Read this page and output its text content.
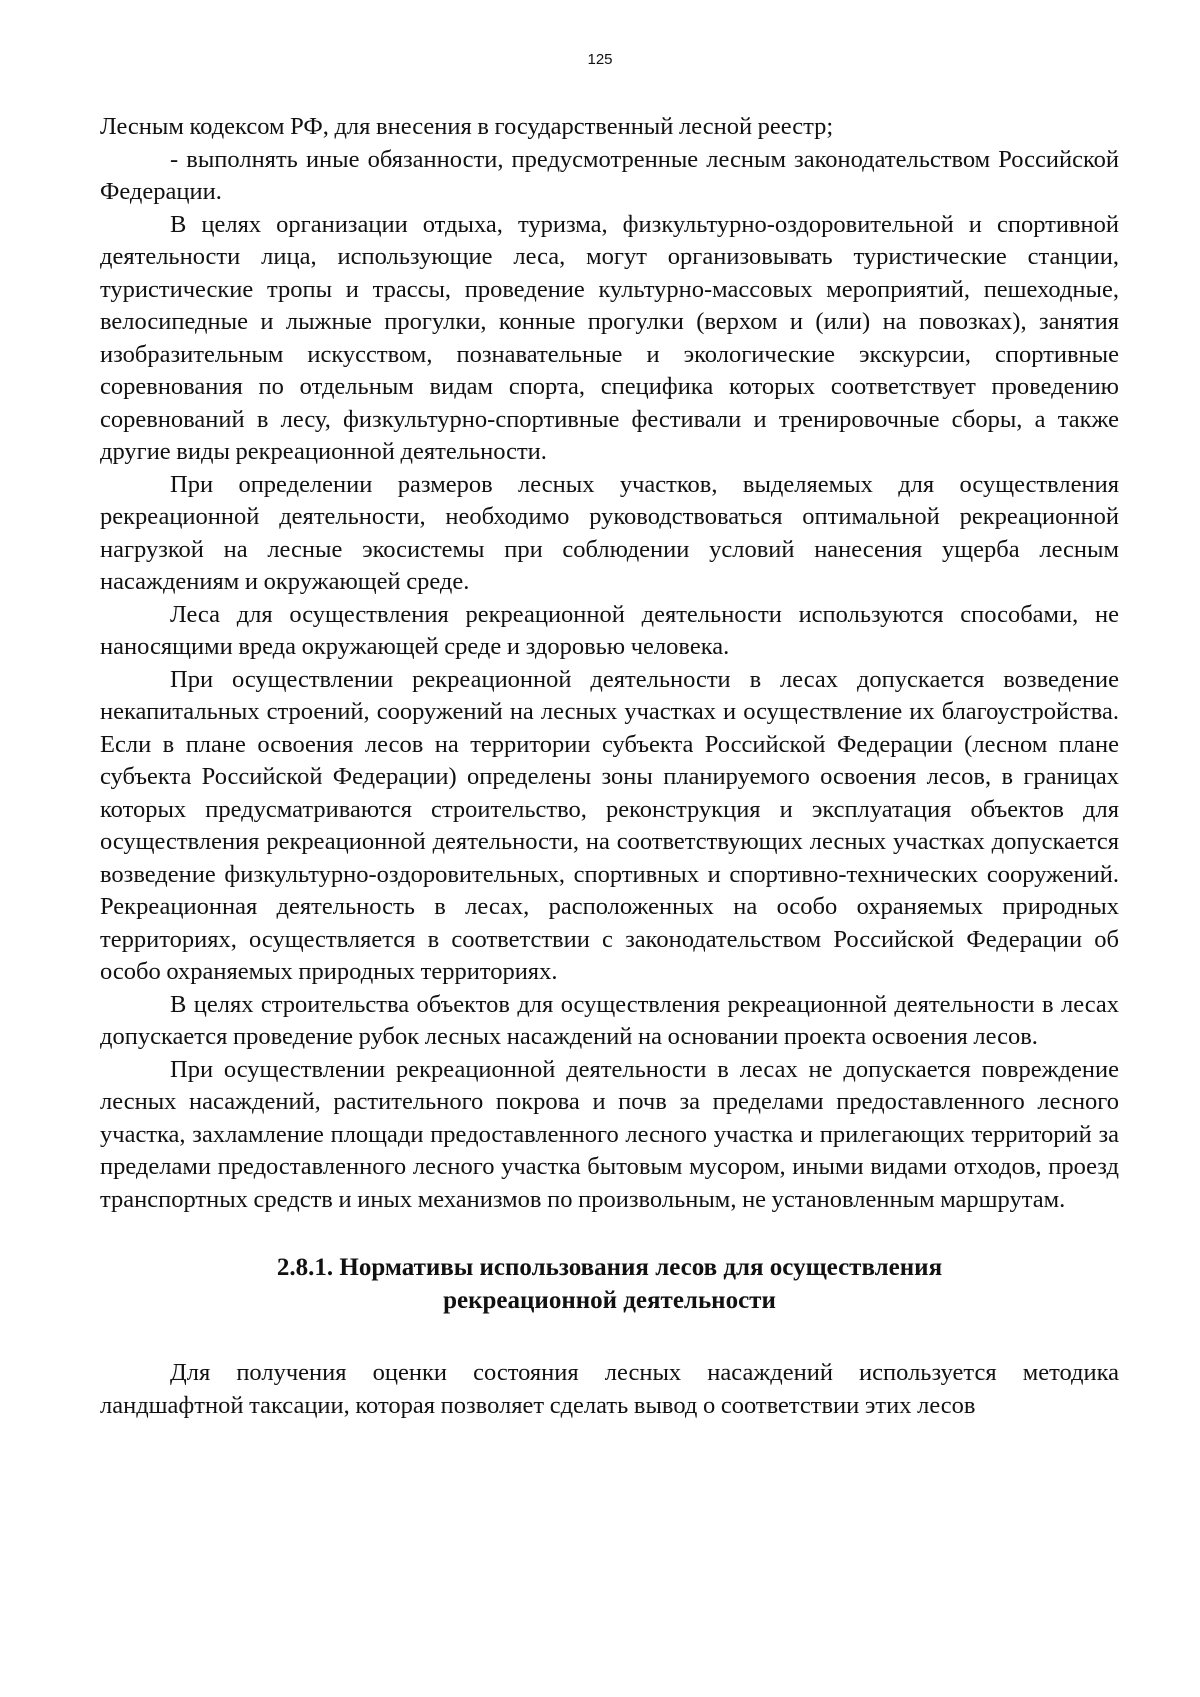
125

Лесным кодексом РФ, для внесения в государственный лесной реестр;

- выполнять иные обязанности, предусмотренные лесным законодательством Российской Федерации.

В целях организации отдыха, туризма, физкультурно-оздоровительной и спортивной деятельности лица, использующие леса, могут организовывать туристические станции, туристические тропы и трассы, проведение культурно-массовых мероприятий, пешеходные, велосипедные и лыжные прогулки, конные прогулки (верхом и (или) на повозках), занятия изобразительным искусством, познавательные и экологические экскурсии, спортивные соревнования по отдельным видам спорта, специфика которых соответствует проведению соревнований в лесу, физкультурно-спортивные фестивали и тренировочные сборы, а также другие виды рекреационной деятельности.

При определении размеров лесных участков, выделяемых для осуществления рекреационной деятельности, необходимо руководствоваться оптимальной рекреационной нагрузкой на лесные экосистемы при соблюдении условий нанесения ущерба лесным насаждениям и окружающей среде.

Леса для осуществления рекреационной деятельности используются способами, не наносящими вреда окружающей среде и здоровью человека.

При осуществлении рекреационной деятельности в лесах допускается возведение некапитальных строений, сооружений на лесных участках и осуществление их благоустройства. Если в плане освоения лесов на территории субъекта Российской Федерации (лесном плане субъекта Российской Федерации) определены зоны планируемого освоения лесов, в границах которых предусматриваются строительство, реконструкция и эксплуатация объектов для осуществления рекреационной деятельности, на соответствующих лесных участках допускается возведение физкультурно-оздоровительных, спортивных и спортивно-технических сооружений. Рекреационная деятельность в лесах, расположенных на особо охраняемых природных территориях, осуществляется в соответствии с законодательством Российской Федерации об особо охраняемых природных территориях.

В целях строительства объектов для осуществления рекреационной деятельности в лесах допускается проведение рубок лесных насаждений на основании проекта освоения лесов.

При осуществлении рекреационной деятельности в лесах не допускается повреждение лесных насаждений, растительного покрова и почв за пределами предоставленного лесного участка, захламление площади предоставленного лесного участка и прилегающих территорий за пределами предоставленного лесного участка бытовым мусором, иными видами отходов, проезд транспортных средств и иных механизмов по произвольным, не установленным маршрутам.

2.8.1. Нормативы использования лесов для осуществления
рекреационной деятельности

Для получения оценки состояния лесных насаждений используется методика ландшафтной таксации, которая позволяет сделать вывод о соответствии этих лесов
